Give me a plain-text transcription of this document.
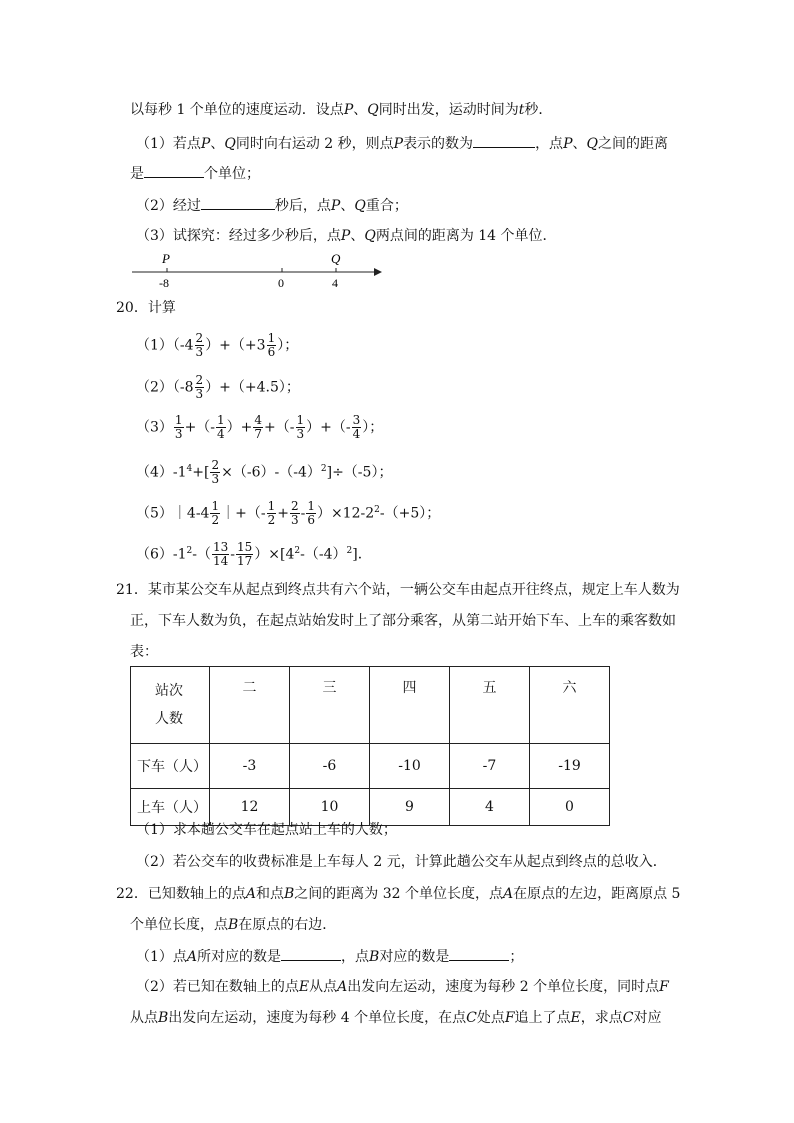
以每秒 1 个单位的速度运动．设点P、Q同时出发，运动时间为t秒．
（1）若点P、Q同时向右运动 2 秒，则点P表示的数为	，点P、Q之间的距离
是	个单位；
（2）经过	秒后，点P、Q重合；
（3）试探究：经过多少秒后，点P、Q两点间的距离为 14 个单位．
P	Q
-8	0	4
20．计算
$(1)(-4 \frac{2}{3} )+(+3 \frac{1}{6}$ ）；
$(2)(-8 \frac{2}{3} )+(+4.5)$；
$(3) \frac{1}{3}$ +（- $\frac{1}{4}$ ）+ $\frac{4}{7}$ +（- $\frac{1}{3}$ ）+（- $\frac{3}{4}$ ）；
$(4)-1^4+[ \frac{2}{3} \times(-6)-(-4)^2]\div(-5)$；
（5）｜4-4 $\frac{1}{2}$ ｜+（- $\frac{1}{2} + \frac{2}{3} - \frac{1}{6} )\times 12-2^2-(+5)$；
$(6)-1^2-( \frac{13}{14} - \frac{15}{17} )\times[4^2-(-4)^2]$．
21．某市某公交车从起点到终点共有六个站，一辆公交车由起点开往终点，规定上车人数为
正，下车人数为负，在起点站始发时上了部分乘客，从第二站开始下车、上车的乘客数如
表：
站次
人数	二	三	四	五	六
下车（人）	-3	-6	-10	-7	-19
上车（人）	12	10	9	4	0
（1）求本趟公交车在起点站上车的人数；
（2）若公交车的收费标准是上车每人 2 元，计算此趟公交车从起点到终点的总收入．
22．已知数轴上的点A和点B之间的距离为 32 个单位长度，点A在原点的左边，距离原点 5
个单位长度，点B在原点的右边．
（1）点A所对应的数是	，点B对应的数是	；
（2）若已知在数轴上的点E从点A出发向左运动，速度为每秒 2 个单位长度，同时点F
从点B出发向左运动，速度为每秒 4 个单位长度，在点C处点F追上了点E，求点C对应
